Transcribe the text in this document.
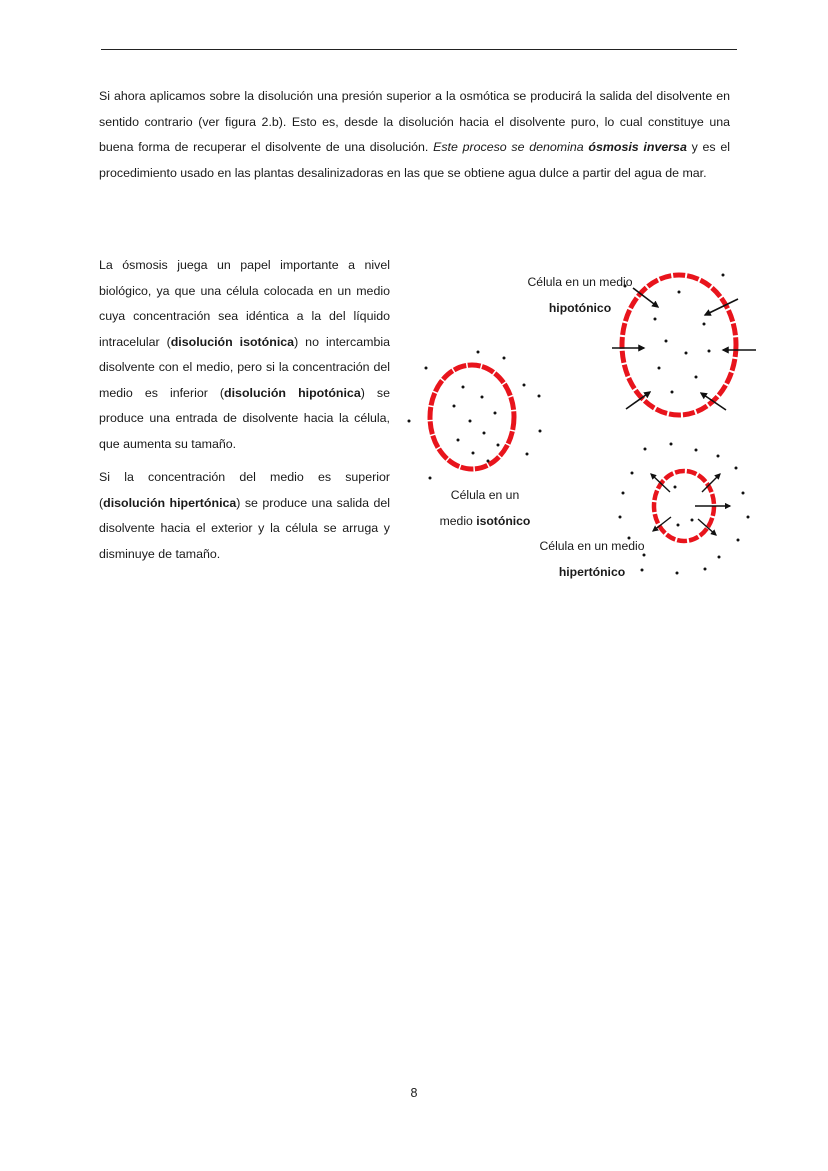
Si ahora aplicamos sobre la disolución una presión superior a la osmótica se producirá la salida del disolvente en sentido contrario (ver figura 2.b). Esto es, desde la disolución hacia el disolvente puro, lo cual constituye una buena forma de recuperar el disolvente de una disolución. Este proceso se denomina ósmosis inversa y es el procedimiento usado en las plantas desalinizadoras en las que se obtiene agua dulce a partir del agua de mar.

La ósmosis juega un papel importante a nivel biológico, ya que una célula colocada en un medio cuya concentración sea idéntica a la del líquido intracelular (disolución isotónica) no intercambia disolvente con el medio, pero si la concentración del medio es inferior (disolución hipotónica) se produce una entrada de disolvente hacia la célula, que aumenta su tamaño.

Si la concentración del medio es superior (disolución hipertónica) se produce una salida del disolvente hacia el exterior y la célula se arruga y disminuye de tamaño.

Célula en un medio
hipotónico
Célula en un
medio isotónico
Célula en un medio
hipertónico
8
